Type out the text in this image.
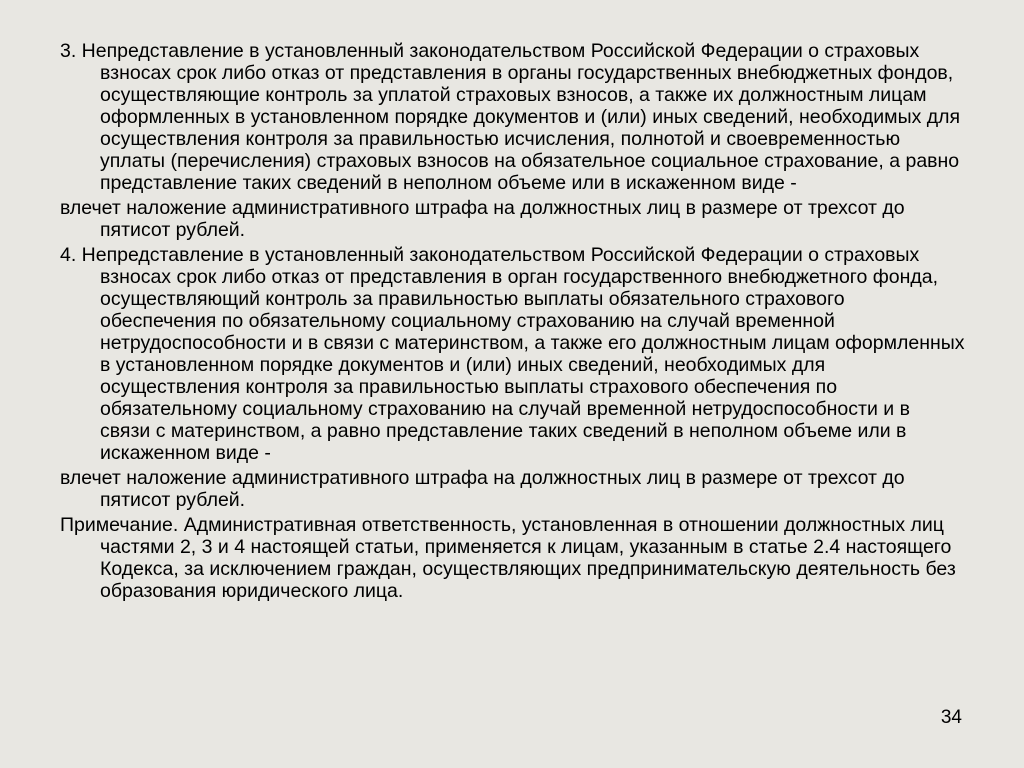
3. Непредставление в установленный законодательством Российской Федерации о страховых взносах срок либо отказ от представления в органы государственных внебюджетных фондов, осуществляющие контроль за уплатой страховых взносов, а также их должностным лицам оформленных в установленном порядке документов и (или) иных сведений, необходимых для осуществления контроля за правильностью исчисления, полнотой и своевременностью уплаты (перечисления) страховых взносов на обязательное социальное страхование, а равно представление таких сведений в неполном объеме или в искаженном виде -

влечет наложение административного штрафа на должностных лиц в размере от трехсот до пятисот рублей.

4. Непредставление в установленный законодательством Российской Федерации о страховых взносах срок либо отказ от представления в орган государственного внебюджетного фонда, осуществляющий контроль за правильностью выплаты обязательного страхового обеспечения по обязательному социальному страхованию на случай временной нетрудоспособности и в связи с материнством, а также его должностным лицам оформленных в установленном порядке документов и (или) иных сведений, необходимых для осуществления контроля за правильностью выплаты страхового обеспечения по обязательному социальному страхованию на случай временной нетрудоспособности и в связи с материнством, а равно представление таких сведений в неполном объеме или в искаженном виде -

влечет наложение административного штрафа на должностных лиц в размере от трехсот до пятисот рублей.

Примечание. Административная ответственность, установленная в отношении должностных лиц частями 2, 3 и 4 настоящей статьи, применяется к лицам, указанным в статье 2.4 настоящего Кодекса, за исключением граждан, осуществляющих предпринимательскую деятельность без образования юридического лица.

34
